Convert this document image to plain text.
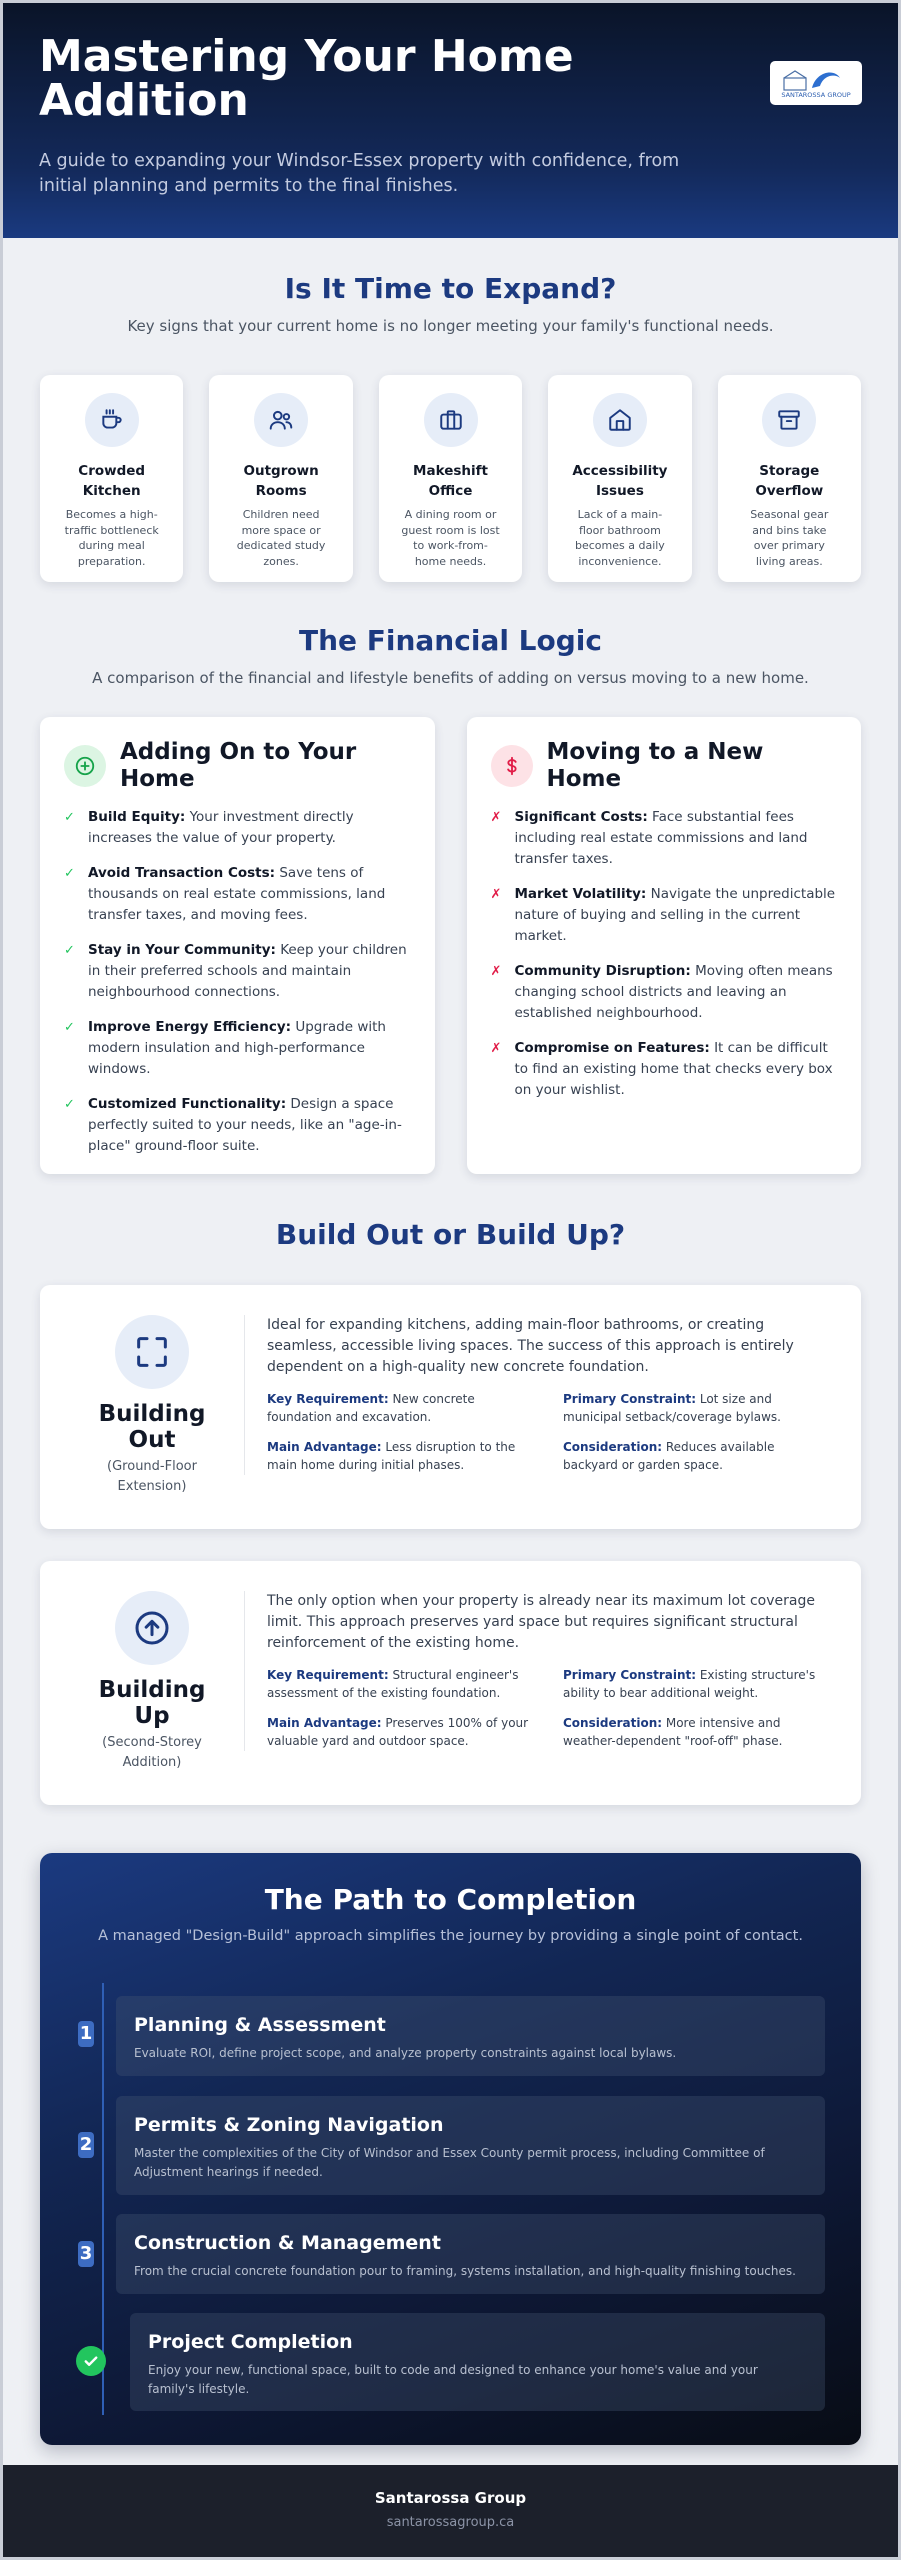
Mastering Your Home Addition

A guide to expanding your Windsor-Essex property with confidence, from initial planning and permits to the final finishes.

SANTAROSSA GROUP
Is It Time to Expand?

Key signs that your current home is no longer meeting your family's functional needs.

Crowded Kitchen

Becomes a high-traffic bottleneck during meal preparation.

Outgrown Rooms

Children need more space or dedicated study zones.

Makeshift Office

A dining room or guest room is lost to work-from-home needs.

Accessibility Issues

Lack of a main-floor bathroom becomes a daily inconvenience.

Storage Overflow

Seasonal gear and bins take over primary living areas.

The Financial Logic

A comparison of the financial and lifestyle benefits of adding on versus moving to a new home.

Adding On to Your Home
✓ Build Equity: Your investment directly increases the value of your property.
✓ Avoid Transaction Costs: Save tens of thousands on real estate commissions, land transfer taxes, and moving fees.
✓ Stay in Your Community: Keep your children in their preferred schools and maintain neighbourhood connections.
✓ Improve Energy Efficiency: Upgrade with modern insulation and high-performance windows.
✓ Customized Functionality: Design a space perfectly suited to your needs, like an "age-in-place" ground-floor suite.
Moving to a New Home
✗ Significant Costs: Face substantial fees including real estate commissions and land transfer taxes.
✗ Market Volatility: Navigate the unpredictable nature of buying and selling in the current market.
✗ Community Disruption: Moving often means changing school districts and leaving an established neighbourhood.
✗ Compromise on Features: It can be difficult to find an existing home that checks every box on your wishlist.
Build Out or Build Up?
Building Out

(Ground-Floor Extension)

Ideal for expanding kitchens, adding main-floor bathrooms, or creating seamless, accessible living spaces. The success of this approach is entirely dependent on a high-quality new concrete foundation.

Key Requirement: New concrete foundation and excavation.
Primary Constraint: Lot size and municipal setback/coverage bylaws.
Main Advantage: Less disruption to the main home during initial phases.
Consideration: Reduces available backyard or garden space.
Building Up

(Second-Storey Addition)

The only option when your property is already near its maximum lot coverage limit. This approach preserves yard space but requires significant structural reinforcement of the existing home.

Key Requirement: Structural engineer's assessment of the existing foundation.
Primary Constraint: Existing structure's ability to bear additional weight.
Main Advantage: Preserves 100% of your valuable yard and outdoor space.
Consideration: More intensive and weather-dependent "roof-off" phase.
The Path to Completion

A managed "Design-Build" approach simplifies the journey by providing a single point of contact.

1 Planning & Assessment

Evaluate ROI, define project scope, and analyze property constraints against local bylaws.

2
Permits & Zoning Navigation

Master the complexities of the City of Windsor and Essex County permit process, including Committee of Adjustment hearings if needed.

3 Construction & Management

From the crucial concrete foundation pour to framing, systems installation, and high-quality finishing touches.

Project Completion

Enjoy your new, functional space, built to code and designed to enhance your home's value and your family's lifestyle.

Santarossa Group
santarossagroup.ca
